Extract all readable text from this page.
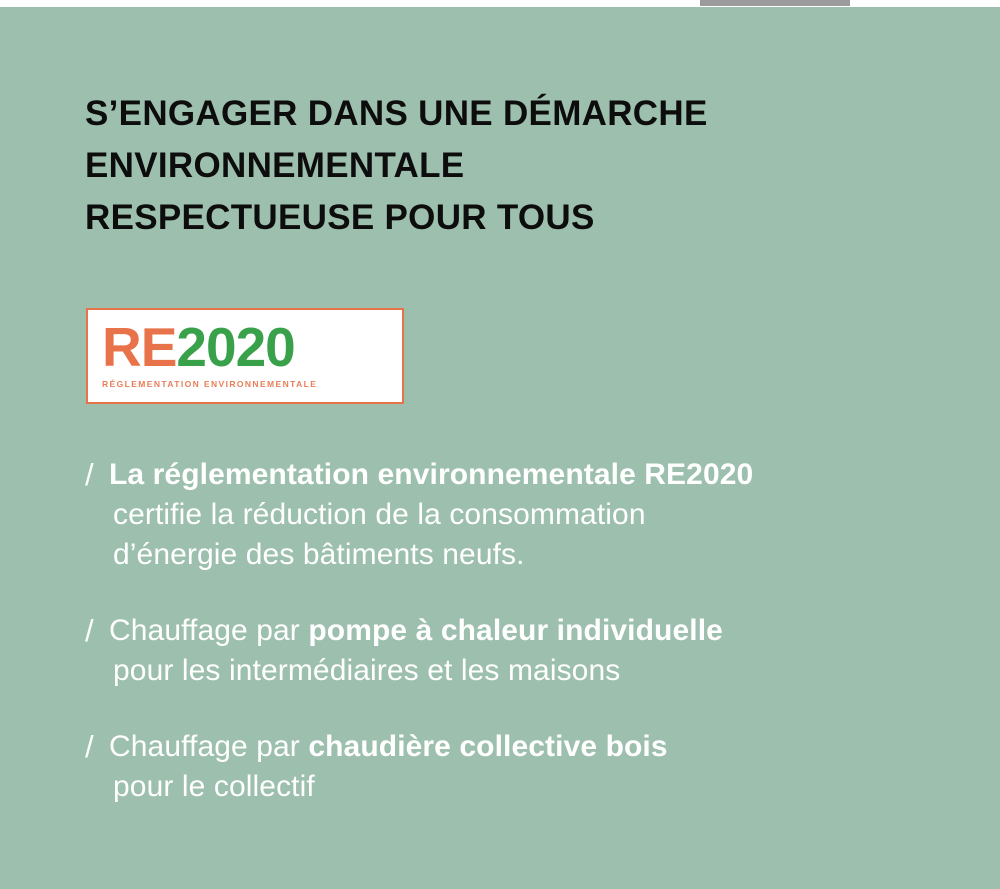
S’ENGAGER DANS UNE DÉMARCHE
ENVIRONNEMENTALE
RESPECTUEUSE POUR TOUS
RE2020
RÉGLEMENTATION ENVIRONNEMENTALE
/ La réglementation environnementale RE2020
certifie la réduction de la consommation
d’énergie des bâtiments neufs.
/ Chauffage par pompe à chaleur individuelle
pour les intermédiaires et les maisons
/ Chauffage par chaudière collective bois
pour le collectif
